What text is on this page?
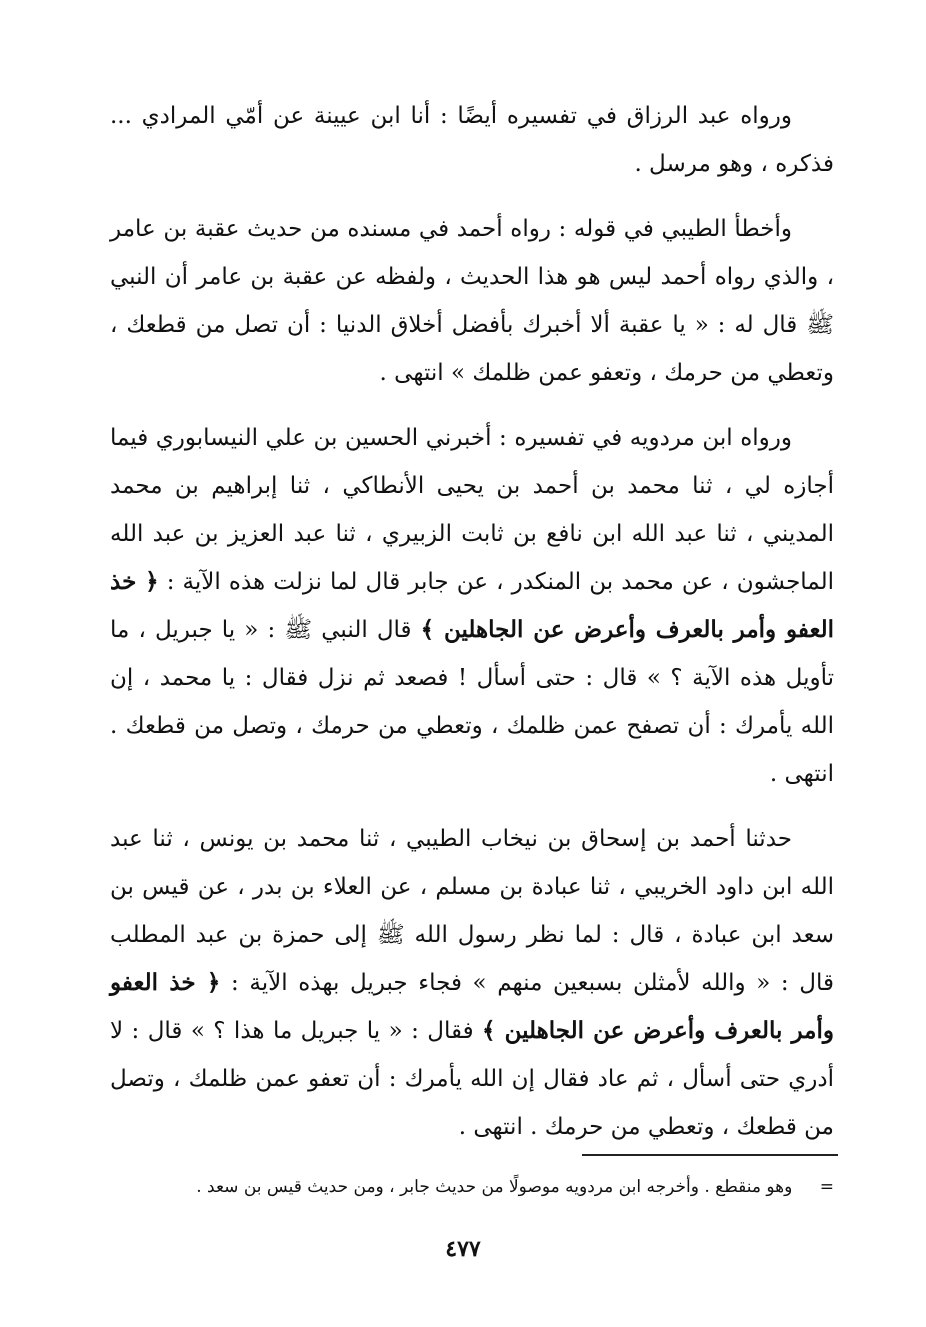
ورواه عبد الرزاق في تفسيره أيضًا : أنا ابن عيينة عن أمّي المرادي ... فذكره ، وهو مرسل .

وأخطأ الطيبي في قوله : رواه أحمد في مسنده من حديث عقبة بن عامر ، والذي رواه أحمد ليس هو هذا الحديث ، ولفظه عن عقبة بن عامر أن النبي ﷺ قال له : « يا عقبة ألا أخبرك بأفضل أخلاق الدنيا : أن تصل من قطعك ، وتعطي من حرمك ، وتعفو عمن ظلمك » انتهى .

ورواه ابن مردويه في تفسيره : أخبرني الحسين بن علي النيسابوري فيما أجازه لي ، ثنا محمد بن أحمد بن يحيى الأنطاكي ، ثنا إبراهيم بن محمد المديني ، ثنا عبد الله ابن نافع بن ثابت الزبيري ، ثنا عبد العزيز بن عبد الله الماجشون ، عن محمد بن المنكدر ، عن جابر قال لما نزلت هذه الآية : ﴿ خذ العفو وأمر بالعرف وأعرض عن الجاهلين ﴾ قال النبي ﷺ : « يا جبريل ، ما تأويل هذه الآية ؟ » قال : حتى أسأل ! فصعد ثم نزل فقال : يا محمد ، إن الله يأمرك : أن تصفح عمن ظلمك ، وتعطي من حرمك ، وتصل من قطعك . انتهى .

حدثنا أحمد بن إسحاق بن نيخاب الطيبي ، ثنا محمد بن يونس ، ثنا عبد الله ابن داود الخريبي ، ثنا عبادة بن مسلم ، عن العلاء بن بدر ، عن قيس بن سعد ابن عبادة ، قال : لما نظر رسول الله ﷺ إلى حمزة بن عبد المطلب قال : « والله لأمثلن بسبعين منهم » فجاء جبريل بهذه الآية : ﴿ خذ العفو وأمر بالعرف وأعرض عن الجاهلين ﴾ فقال : « يا جبريل ما هذا ؟ » قال : لا أدري حتى أسأل ، ثم عاد فقال إن الله يأمرك : أن تعفو عمن ظلمك ، وتصل من قطعك ، وتعطي من حرمك . انتهى .

= وهو منقطع . وأخرجه ابن مردويه موصولًا من حديث جابر ، ومن حديث قيس بن سعد .
٤٧٧
